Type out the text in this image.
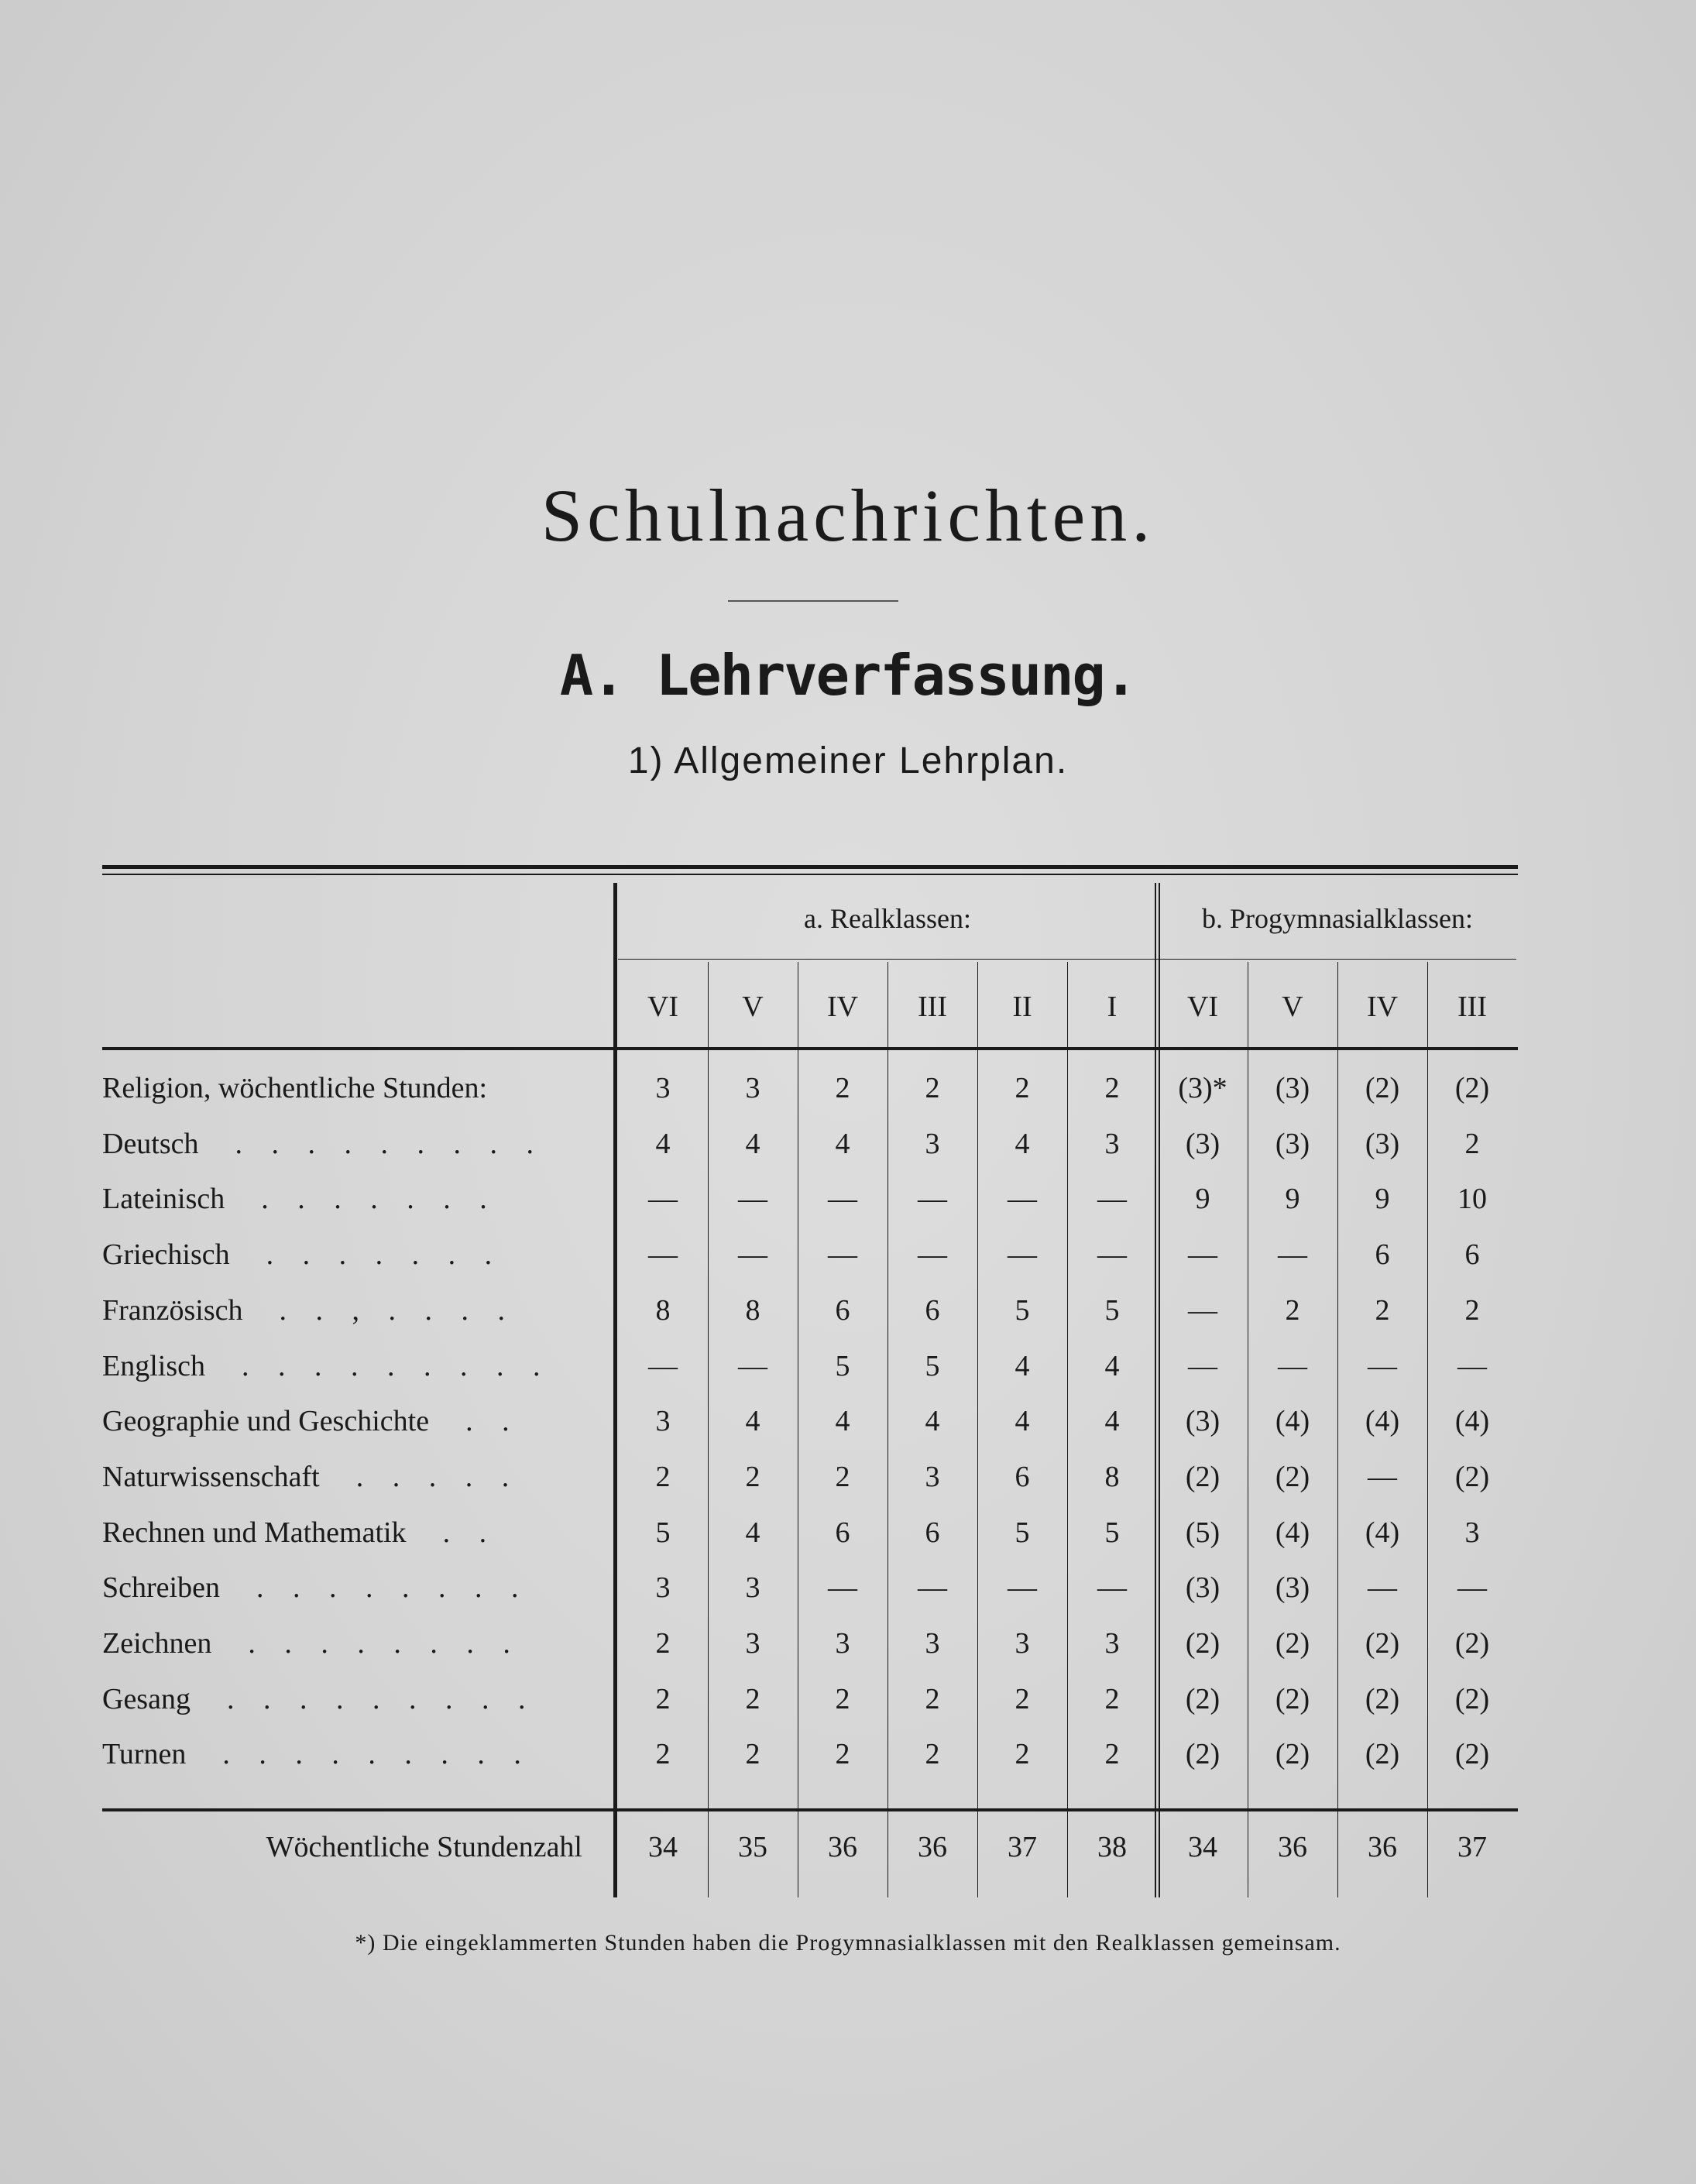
Schulnachrichten.
A. Lehrverfassung.
1) Allgemeiner Lehrplan.
a. Realklassen:	b. Progymnasialklassen:
VI	V	IV	III	II	I	VI	V	IV	III
Religion, wöchentliche Stunden:	3	3	2	2	2	2	(3)*	(3)	(2)	(2)
Deutsch  . . . . . . . . .	4	4	4	3	4	3	(3)	(3)	(3)	2
Lateinisch  . . . . . . .	—	—	—	—	—	—	9	9	9	10
Griechisch  . . . . . . .	—	—	—	—	—	—	—	—	6	6
Französisch  . . , . . . .	8	8	6	6	5	5	—	2	2	2
Englisch  . . . . . . . . .	—	—	5	5	4	4	—	—	—	—
Geographie und Geschichte  . .	3	4	4	4	4	4	(3)	(4)	(4)	(4)
Naturwissenschaft  . . . . .	2	2	2	3	6	8	(2)	(2)	—	(2)
Rechnen und Mathematik  . .	5	4	6	6	5	5	(5)	(4)	(4)	3
Schreiben  . . . . . . . .	3	3	—	—	—	—	(3)	(3)	—	—
Zeichnen  . . . . . . . .	2	3	3	3	3	3	(2)	(2)	(2)	(2)
Gesang  . . . . . . . . .	2	2	2	2	2	2	(2)	(2)	(2)	(2)
Turnen  . . . . . . . . .	2	2	2	2	2	2	(2)	(2)	(2)	(2)
Wöchentliche Stundenzahl	34	35	36	36	37	38	34	36	36	37
*) Die eingeklammerten Stunden haben die Progymnasialklassen mit den Realklassen gemeinsam.
